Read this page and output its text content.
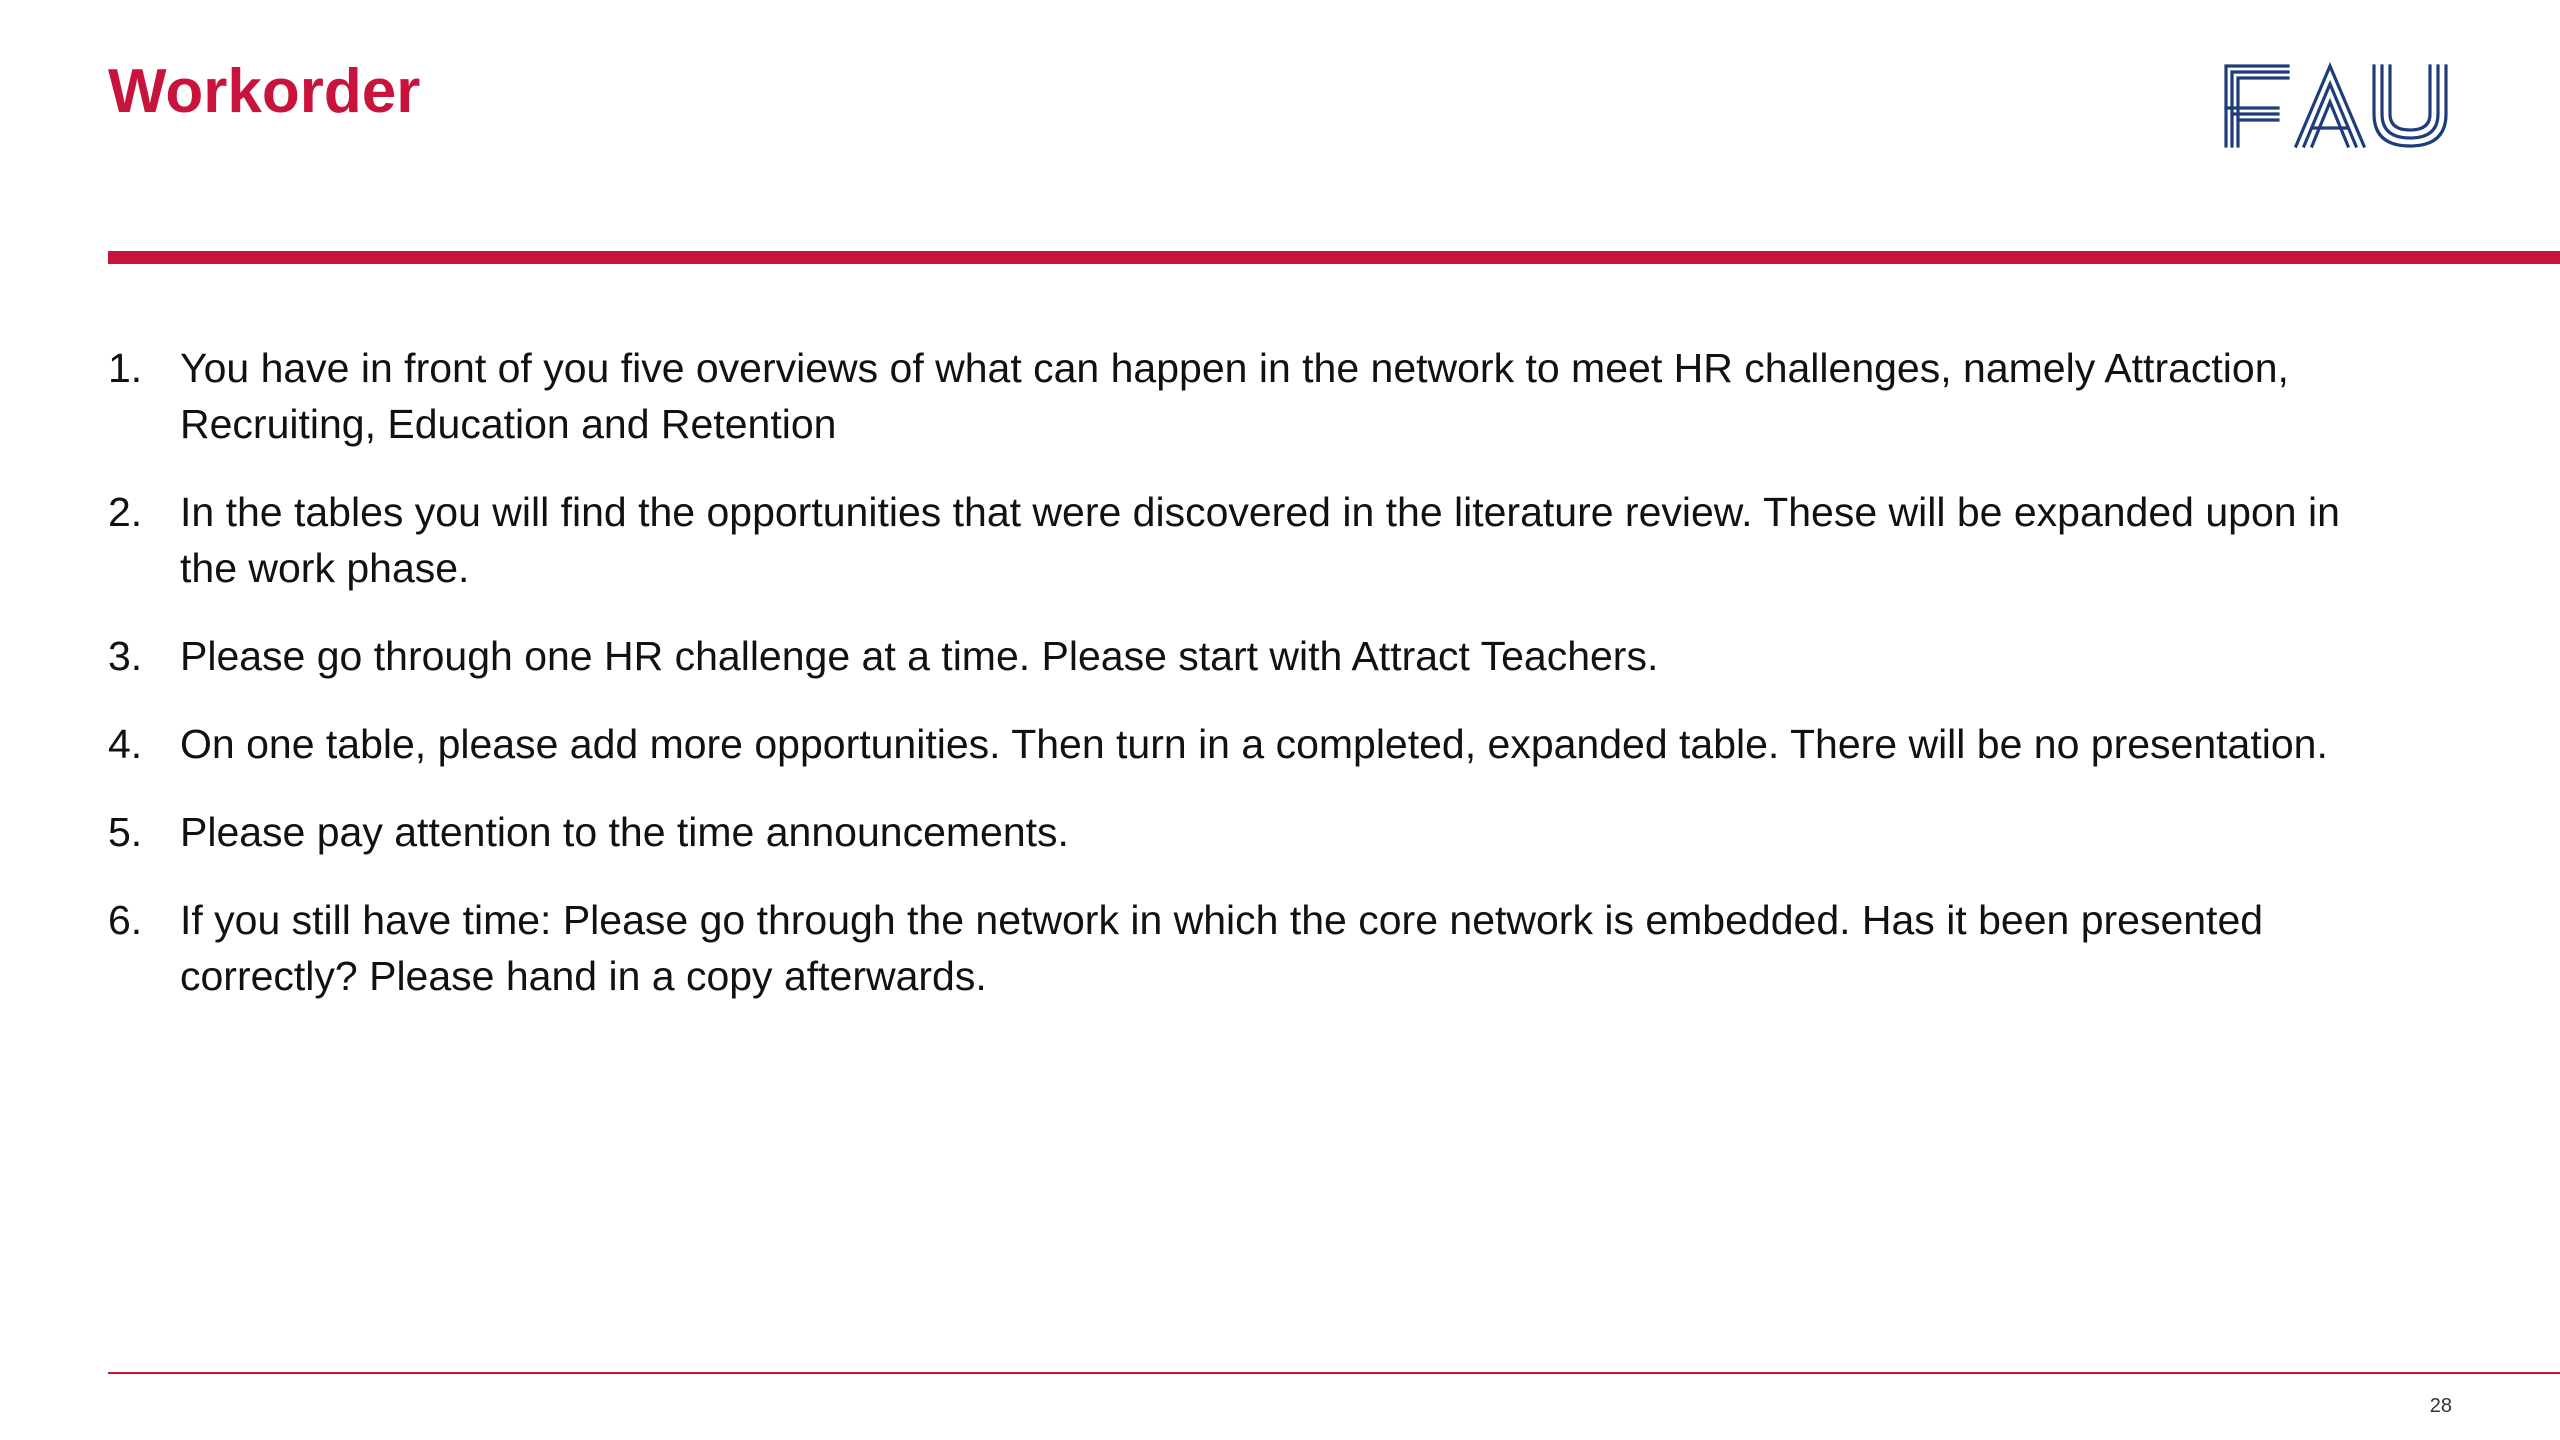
Workorder
1. You have in front of you five overviews of what can happen in the network to meet HR challenges, namely Attraction, Recruiting, Education and Retention
2. In the tables you will find the opportunities that were discovered in the literature review. These will be expanded upon in the work phase.
3. Please go through one HR challenge at a time. Please start with Attract Teachers.
4. On one table, please add more opportunities. Then turn in a completed, expanded table. There will be no presentation.
5. Please pay attention to the time announcements.
6. If you still have time: Please go through the network in which the core network is embedded. Has it been presented correctly? Please hand in a copy afterwards.
28
